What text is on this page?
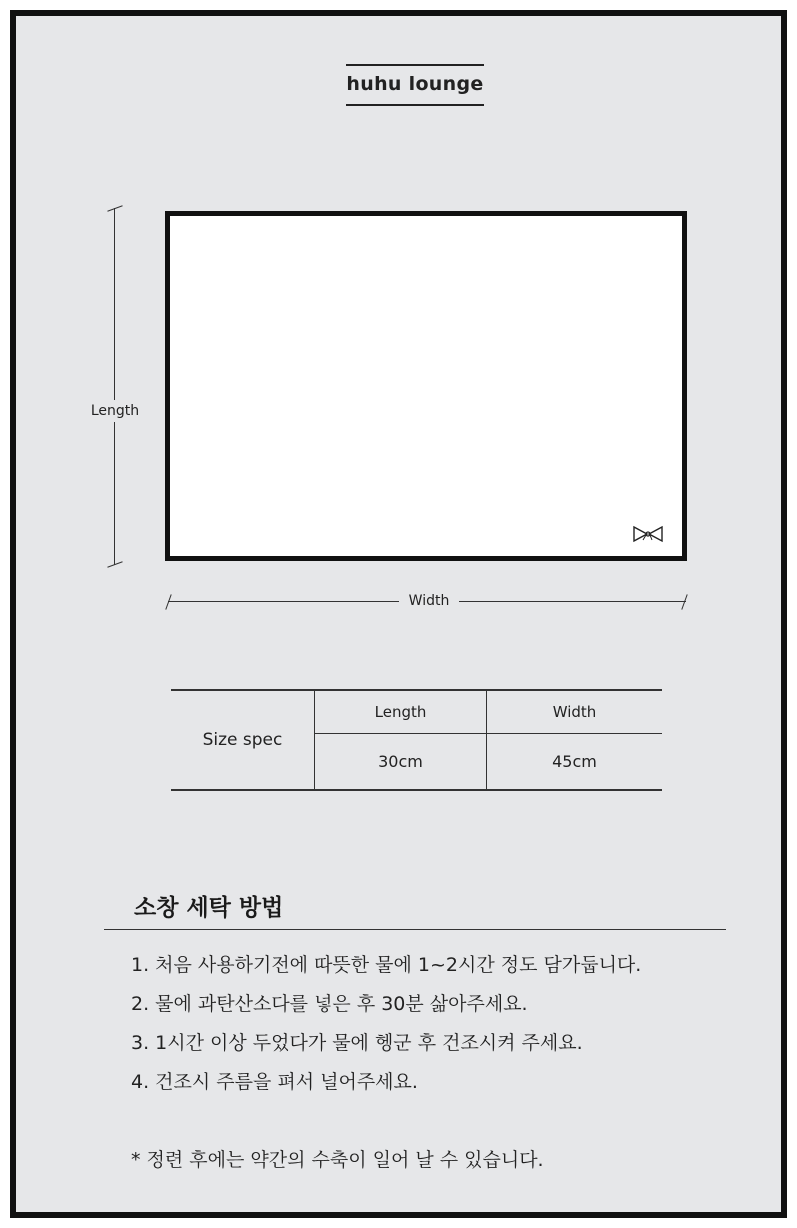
huhu lounge
Length
Width
Size spec
Length	Width
30cm	45cm
소창 세탁 방법
1. 처음 사용하기전에 따뜻한 물에 1~2시간 정도 담가둡니다.
2. 물에 과탄산소다를 넣은 후 30분 삶아주세요.
3. 1시간 이상 두었다가 물에 헹군 후 건조시켜 주세요.
4. 건조시 주름을 펴서 널어주세요.
* 정련 후에는 약간의 수축이 일어 날 수 있습니다.
